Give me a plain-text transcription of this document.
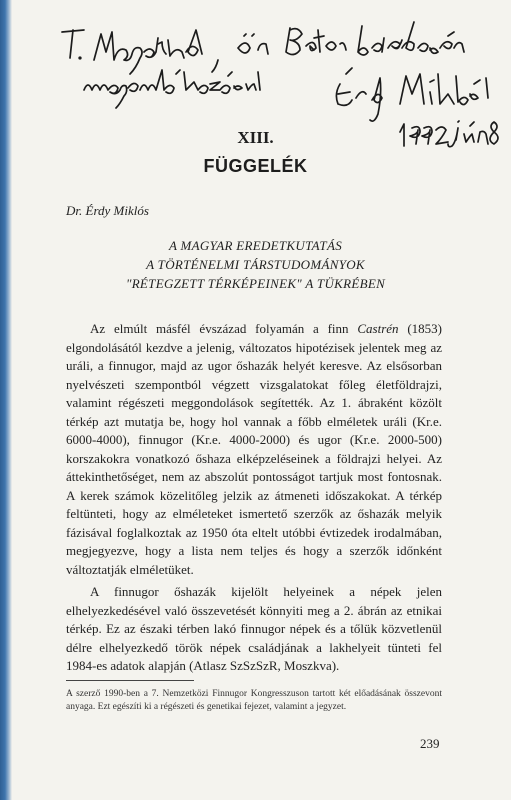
XIII.
FÜGGELÉK
Dr. Érdy Miklós
A MAGYAR EREDETKUTATÁS
A TÖRTÉNELMI TÁRSTUDOMÁNYOK
"RÉTEGZETT TÉRKÉPEINEK" A TÜKRÉBEN

Az elmúlt másfél évszázad folyamán a finn Castrén (1853) elgondolásától kezdve a jelenig, változatos hipotézisek jelentek meg az uráli, a finnugor, majd az ugor őshazák helyét keresve. Az elsősorban nyelvészeti szempontból végzett vizsgalatokat főleg életföldrajzi, valamint régészeti meggondolások segítették. Az 1. ábraként közölt térkép azt mutatja be, hogy hol vannak a főbb elméletek uráli (Kr.e. 6000-4000), finnugor (Kr.e. 4000-2000) és ugor (Kr.e. 2000-500) korszakokra vonatkozó őshaza elképzeléseinek a földrajzi helyei. Az áttekinthetőséget, nem az abszolút pontosságot tartjuk most fontosnak. A kerek számok közelitőleg jelzik az átmeneti időszakokat. A térkép feltünteti, hogy az elméleteket ismertető szerzők az őshazák melyik fázisával foglalkoztak az 1950 óta eltelt utóbbi évtizedek irodalmában, megjegyezve, hogy a lista nem teljes és hogy a szerzők időnként változtatják elméletüket.

A finnugor őshazák kijelölt helyeinek a népek jelen elhelyezkedésével való összevetését könnyiti meg a 2. ábrán az etnikai térkép. Ez az északi térben lakó finnugor népek és a tőlük közvetlenül délre elhelyezkedő török népek családjának a lakhelyeit tünteti fel 1984-es adatok alapján (Atlasz SzSzSzR, Moszkva).

A szerző 1990-ben a 7. Nemzetközi Finnugor Kongresszuson tartott két előadásának összevont anyaga. Ezt egészíti ki a régészeti és genetikai fejezet, valamint a jegyzet.
239
